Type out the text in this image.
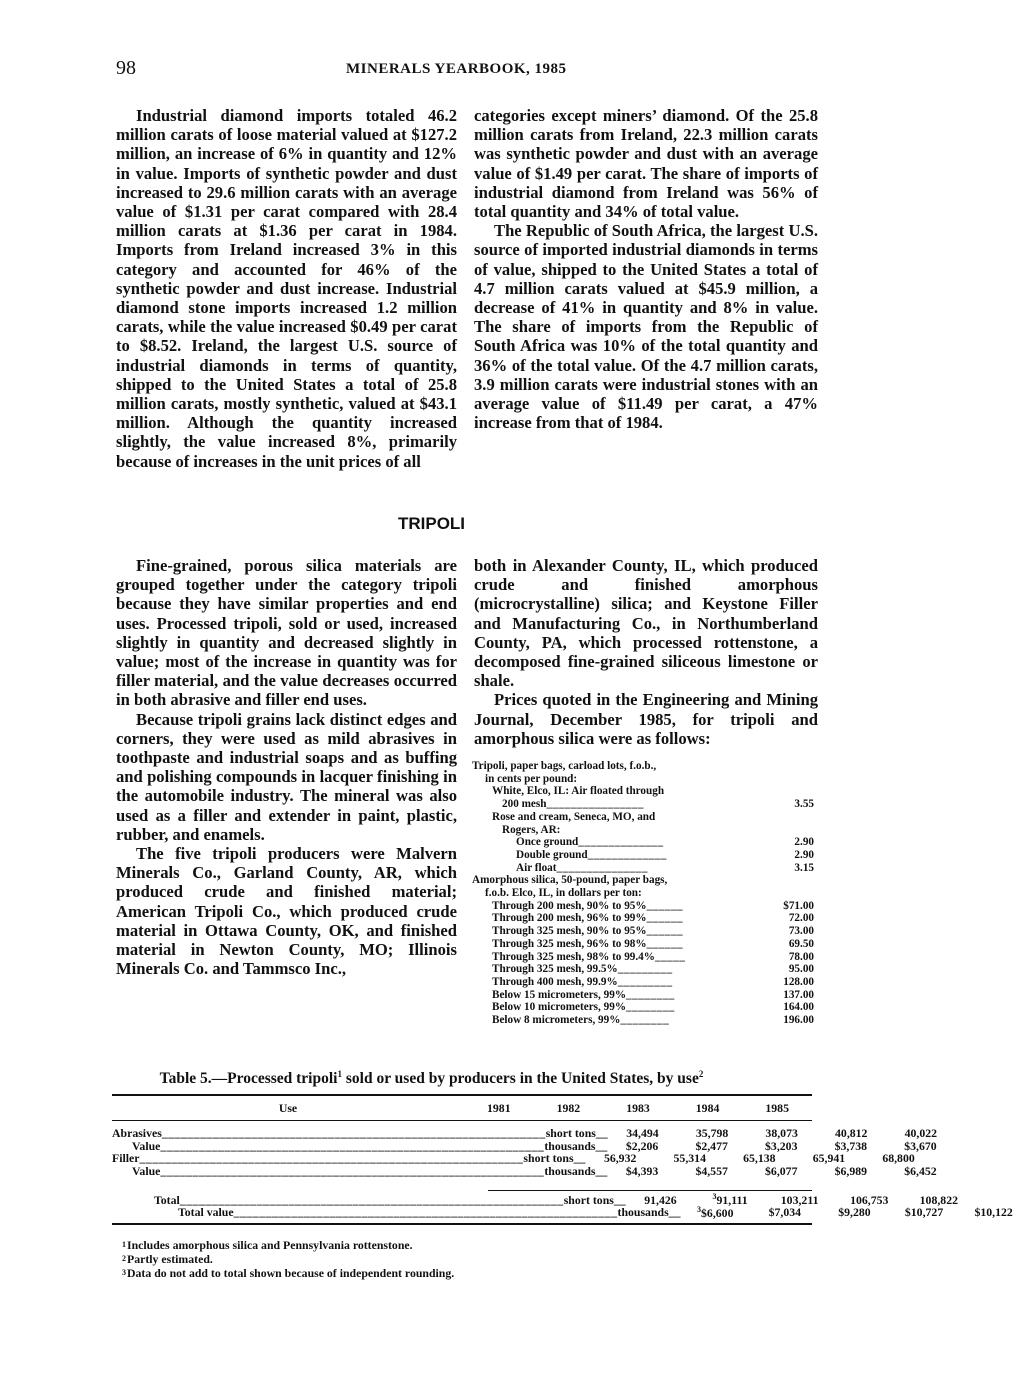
98	MINERALS YEARBOOK, 1985

Industrial diamond imports totaled 46.2 million carats of loose material valued at $127.2 million, an increase of 6% in quantity and 12% in value. Imports of synthetic powder and dust increased to 29.6 million carats with an average value of $1.31 per carat compared with 28.4 million carats at $1.36 per carat in 1984. Imports from Ireland increased 3% in this category and accounted for 46% of the synthetic powder and dust increase. Industrial diamond stone imports increased 1.2 million carats, while the value increased $0.49 per carat to $8.52. Ireland, the largest U.S. source of industrial diamonds in terms of quantity, shipped to the United States a total of 25.8 million carats, mostly synthetic, valued at $43.1 million. Although the quantity increased slightly, the value increased 8%, primarily because of increases in the unit prices of all

categories except miners’ diamond. Of the 25.8 million carats from Ireland, 22.3 million carats was synthetic powder and dust with an average value of $1.49 per carat. The share of imports of industrial diamond from Ireland was 56% of total quantity and 34% of total value.

The Republic of South Africa, the largest U.S. source of imported industrial diamonds in terms of value, shipped to the United States a total of 4.7 million carats valued at $45.9 million, a decrease of 41% in quantity and 8% in value. The share of imports from the Republic of South Africa was 10% of the total quantity and 36% of the total value. Of the 4.7 million carats, 3.9 million carats were industrial stones with an average value of $11.49 per carat, a 47% increase from that of 1984.

TRIPOLI

Fine-grained, porous silica materials are grouped together under the category tripoli because they have similar properties and end uses. Processed tripoli, sold or used, increased slightly in quantity and decreased slightly in value; most of the increase in quantity was for filler material, and the value decreases occurred in both abrasive and filler end uses.

Because tripoli grains lack distinct edges and corners, they were used as mild abrasives in toothpaste and industrial soaps and as buffing and polishing compounds in lacquer finishing in the automobile industry. The mineral was also used as a filler and extender in paint, plastic, rubber, and enamels.

The five tripoli producers were Malvern Minerals Co., Garland County, AR, which produced crude and finished material; American Tripoli Co., which produced crude material in Ottawa County, OK, and finished material in Newton County, MO; Illinois Minerals Co. and Tammsco Inc.,

both in Alexander County, IL, which produced crude and finished amorphous (microcrystalline) silica; and Keystone Filler and Manufacturing Co., in Northumberland County, PA, which processed rottenstone, a decomposed fine-grained siliceous limestone or shale.

Prices quoted in the Engineering and Mining Journal, December 1985, for tripoli and amorphous silica were as follows:

Tripoli, paper bags, carload lots, f.o.b.,
in cents per pound:
White, Elco, IL: Air floated through
200 mesh ________________	3.55
Rose and cream, Seneca, MO, and
Rogers, AR:
Once ground ______________	2.90
Double ground _____________	2.90
Air float _______________	3.15
Amorphous silica, 50-pound, paper bags,
f.o.b. Elco, IL, in dollars per ton:
Through 200 mesh, 90% to 95% ______	$71.00
Through 200 mesh, 96% to 99% ______	72.00
Through 325 mesh, 90% to 95% ______	73.00
Through 325 mesh, 96% to 98% ______	69.50
Through 325 mesh, 98% to 99.4% _____	78.00
Through 325 mesh, 99.5% _________	95.00
Through 400 mesh, 99.9% _________	128.00
Below 15 micrometers, 99% ________	137.00
Below 10 micrometers, 99% ________	164.00
Below 8 micrometers, 99% ________	196.00
Table 5.—Processed tripoli$^1$ sold or used by producers in the United States, by use$^2$
Use	1981	1982	1983	1984	1985
Abrasives ____________________________________________________________ short tons __	34,494	35,798	38,073	40,812	40,022
Value ____________________________________________________________ thousands __	$2,206	$2,477	$3,203	$3,738	$3,670
Filler ____________________________________________________________ short tons __	56,932	55,314	65,138	65,941	68,800
Value ____________________________________________________________ thousands __	$4,393	$4,557	$6,077	$6,989	$6,452
Total ____________________________________________________________ short tons __	91,426	$^3$91,111	103,211	106,753	108,822
Total value ____________________________________________________________ thousands __	$^3$\$6,600	$7,034	$9,280	$10,727	$10,122
1 Includes amorphous silica and Pennsylvania rottenstone.
2 Partly estimated.
3 Data do not add to total shown because of independent rounding.
